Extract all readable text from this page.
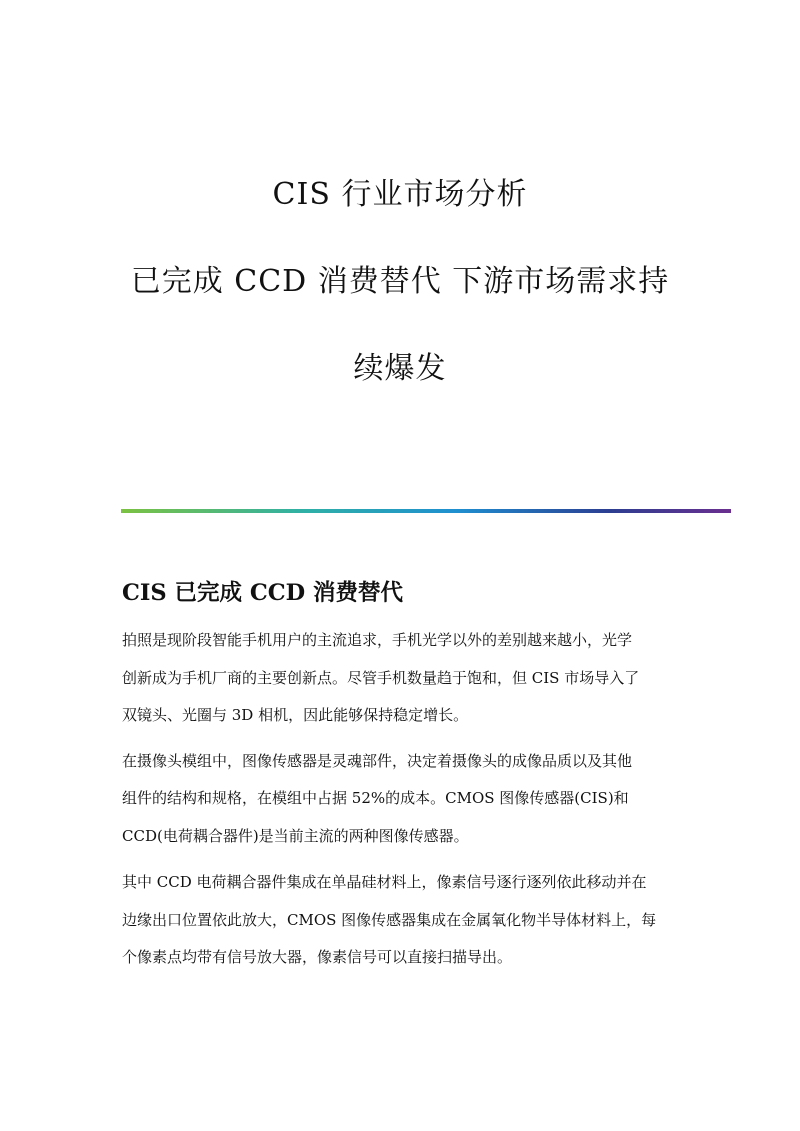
CIS 行业市场分析
已完成 CCD 消费替代 下游市场需求持
续爆发
CIS 已完成 CCD 消费替代

拍照是现阶段智能手机用户的主流追求，手机光学以外的差别越来越小，光学
创新成为手机厂商的主要创新点。尽管手机数量趋于饱和，但 CIS 市场导入了
双镜头、光圈与 3D 相机，因此能够保持稳定增长。

在摄像头模组中，图像传感器是灵魂部件，决定着摄像头的成像品质以及其他
组件的结构和规格，在模组中占据 52%的成本。CMOS 图像传感器(CIS)和
CCD(电荷耦合器件)是当前主流的两种图像传感器。

其中 CCD 电荷耦合器件集成在单晶硅材料上，像素信号逐行逐列依此移动并在
边缘出口位置依此放大，CMOS 图像传感器集成在金属氧化物半导体材料上，每
个像素点均带有信号放大器，像素信号可以直接扫描导出。
